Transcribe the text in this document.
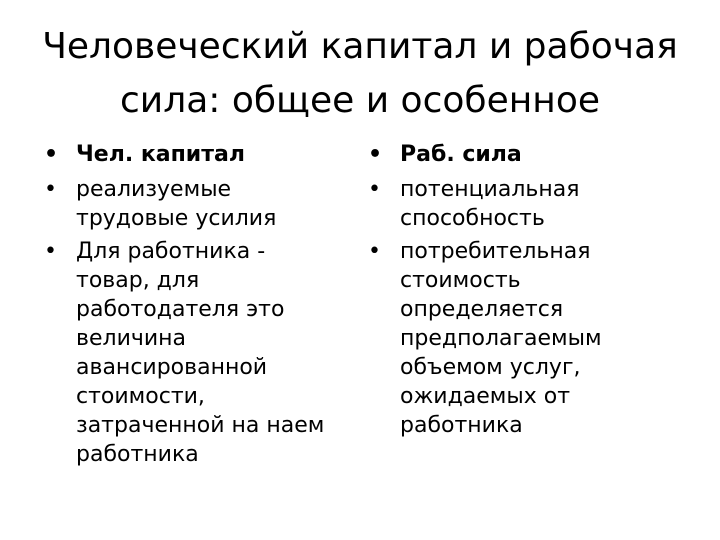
Человеческий капитал и рабочая
сила: общее и особенное
• Чел. капитал
• реализуемые трудовые усилия
• Для работника - товар, для работодателя это величина авансированной стоимости, затраченной на наем работника
• Раб. сила
• потенциальная способность
• потребительная стоимость определяется предполагаемым объемом услуг, ожидаемых от работника
